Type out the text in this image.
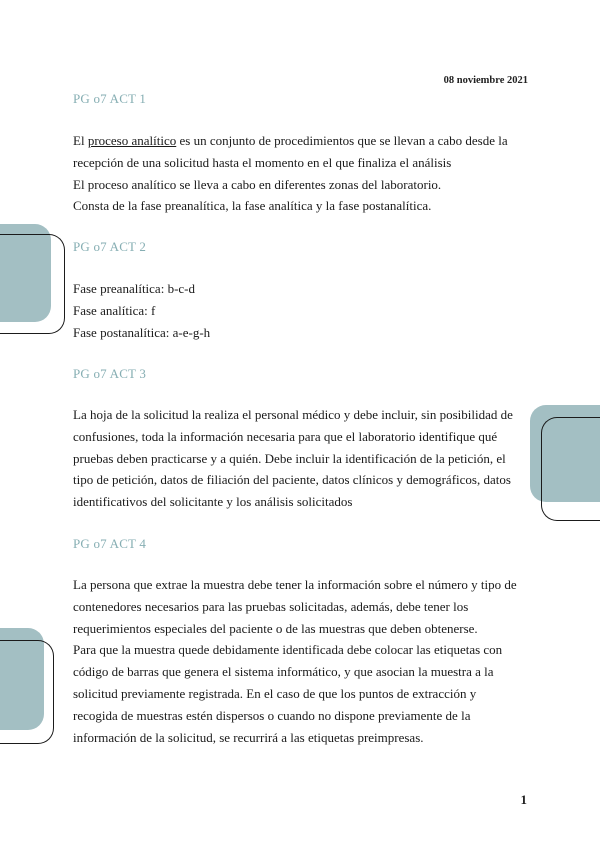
08 noviembre 2021
PG o7 ACT 1
El proceso analítico es un conjunto de procedimientos que se llevan a cabo desde la
recepción de una solicitud hasta el momento en el que finaliza el análisis
El proceso analítico se lleva a cabo en diferentes zonas del laboratorio.
Consta de la fase preanalítica, la fase analítica y la fase postanalítica.
PG o7 ACT 2
Fase preanalítica: b-c-d
Fase analítica: f
Fase postanalítica: a-e-g-h
PG o7 ACT 3
La hoja de la solicitud la realiza el personal médico y debe incluir, sin posibilidad de
confusiones, toda la información necesaria para que el laboratorio identifique qué
pruebas deben practicarse y a quién. Debe incluir la identificación de la petición, el
tipo de petición, datos de filiación del paciente, datos clínicos y demográficos, datos
identificativos del solicitante y los análisis solicitados
PG o7 ACT 4
La persona que extrae la muestra debe tener la información sobre el número y tipo de
contenedores necesarios para las pruebas solicitadas, además, debe tener los
requerimientos especiales del paciente o de las muestras que deben obtenerse.
Para que la muestra quede debidamente identificada debe colocar las etiquetas con
código de barras que genera el sistema informático, y que asocian la muestra a la
solicitud previamente registrada. En el caso de que los puntos de extracción y
recogida de muestras estén dispersos o cuando no dispone previamente de la
información de la solicitud, se recurrirá a las etiquetas preimpresas.
1
